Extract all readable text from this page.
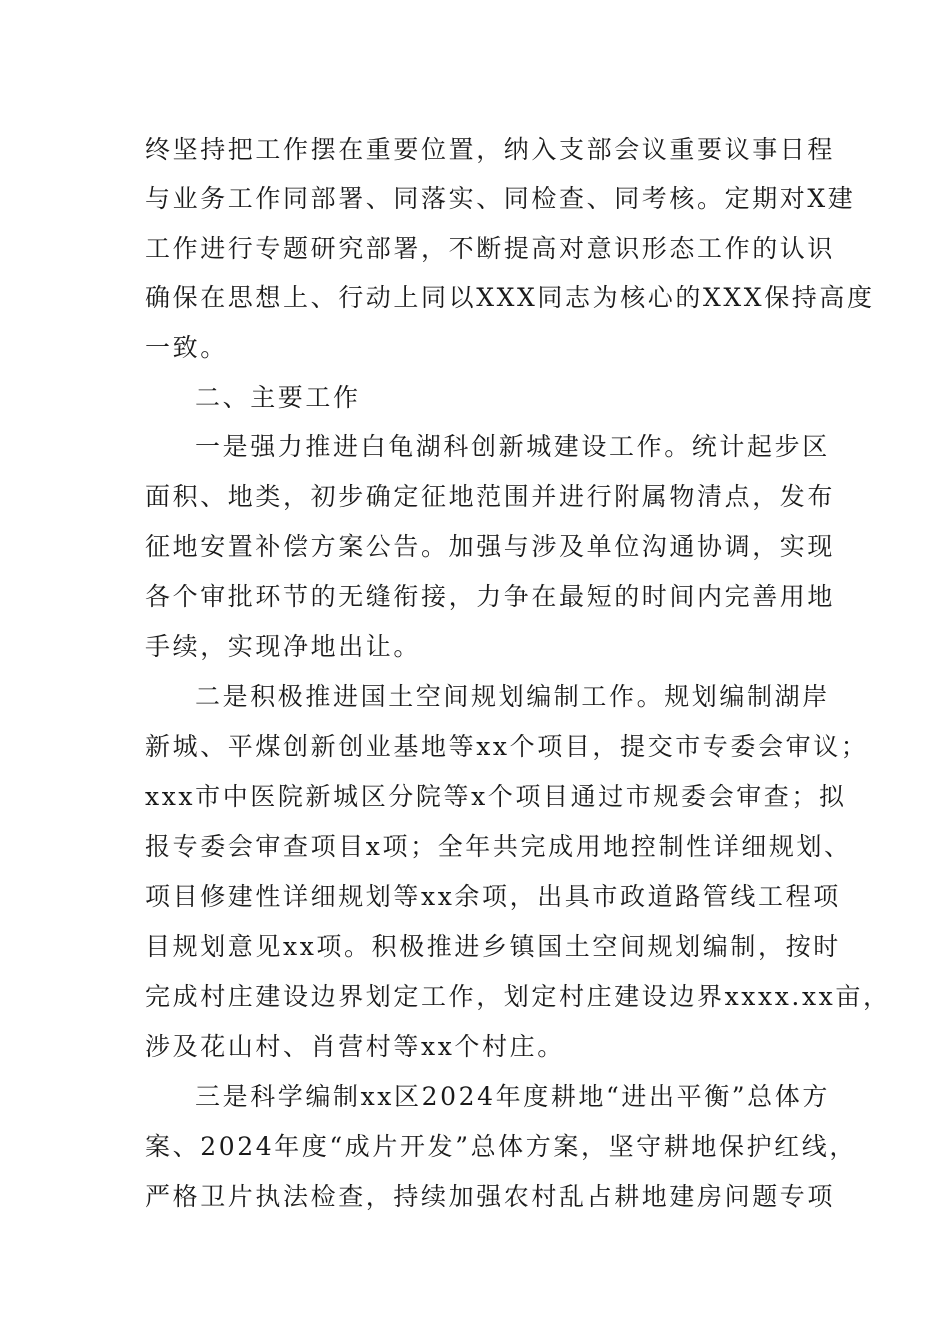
终坚持把工作摆在重要位置，纳入支部会议重要议事日程
与业务工作同部署、同落实、同检查、同考核。定期对X建
工作进行专题研究部署，不断提高对意识形态工作的认识
确保在思想上、行动上同以XXX同志为核心的XXX保持高度
一致。
二、主要工作
一是强力推进白龟湖科创新城建设工作。统计起步区
面积、地类，初步确定征地范围并进行附属物清点，发布
征地安置补偿方案公告。加强与涉及单位沟通协调，实现
各个审批环节的无缝衔接，力争在最短的时间内完善用地
手续，实现净地出让。
二是积极推进国土空间规划编制工作。规划编制湖岸
新城、平煤创新创业基地等xx个项目，提交市专委会审议；
xxx市中医院新城区分院等x个项目通过市规委会审查；拟
报专委会审查项目x项；全年共完成用地控制性详细规划、
项目修建性详细规划等xx余项，出具市政道路管线工程项
目规划意见xx项。积极推进乡镇国土空间规划编制，按时
完成村庄建设边界划定工作，划定村庄建设边界xxxx.xx亩，
涉及花山村、肖营村等xx个村庄。
三是科学编制xx区2024年度耕地“进出平衡”总体方
案、2024年度“成片开发”总体方案，坚守耕地保护红线，
严格卫片执法检查，持续加强农村乱占耕地建房问题专项
